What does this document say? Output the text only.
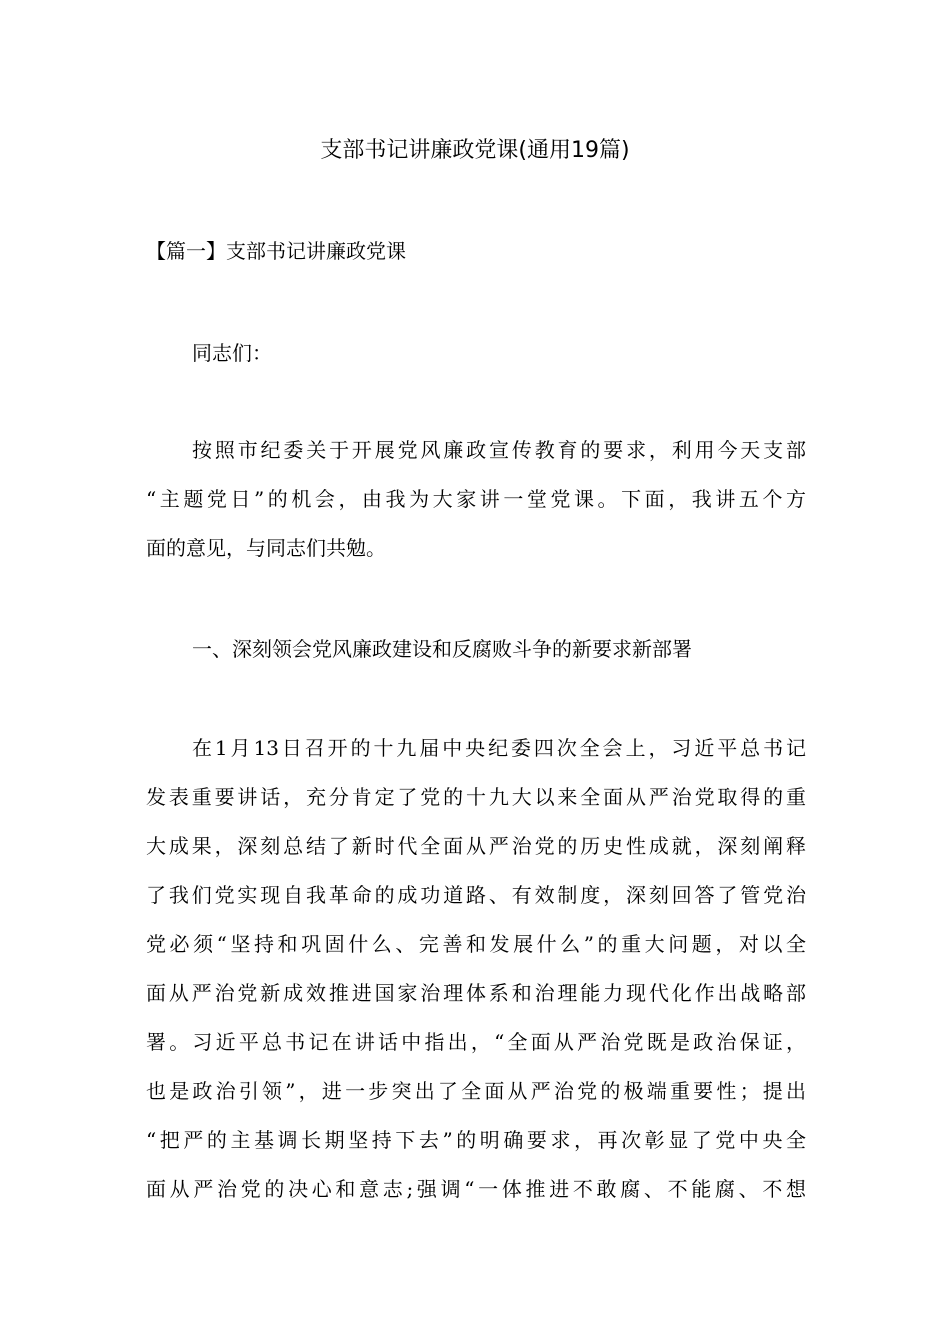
支部书记讲廉政党课(通用19篇)
【篇一】支部书记讲廉政党课
同志们：
按照市纪委关于开展党风廉政宣传教育的要求，利用今天支部
“主题党日”的机会，由我为大家讲一堂党课。下面，我讲五个方
面的意见，与同志们共勉。
一、深刻领会党风廉政建设和反腐败斗争的新要求新部署
在1月13日召开的十九届中央纪委四次全会上，习近平总书记
发表重要讲话，充分肯定了党的十九大以来全面从严治党取得的重
大成果，深刻总结了新时代全面从严治党的历史性成就，深刻阐释
了我们党实现自我革命的成功道路、有效制度，深刻回答了管党治
党必须“坚持和巩固什么、完善和发展什么”的重大问题，对以全
面从严治党新成效推进国家治理体系和治理能力现代化作出战略部
署。习近平总书记在讲话中指出，“全面从严治党既是政治保证，
也是政治引领”，进一步突出了全面从严治党的极端重要性；提出
“把严的主基调长期坚持下去”的明确要求，再次彰显了党中央全
面从严治党的决心和意志;强调“一体推进不敢腐、不能腐、不想
